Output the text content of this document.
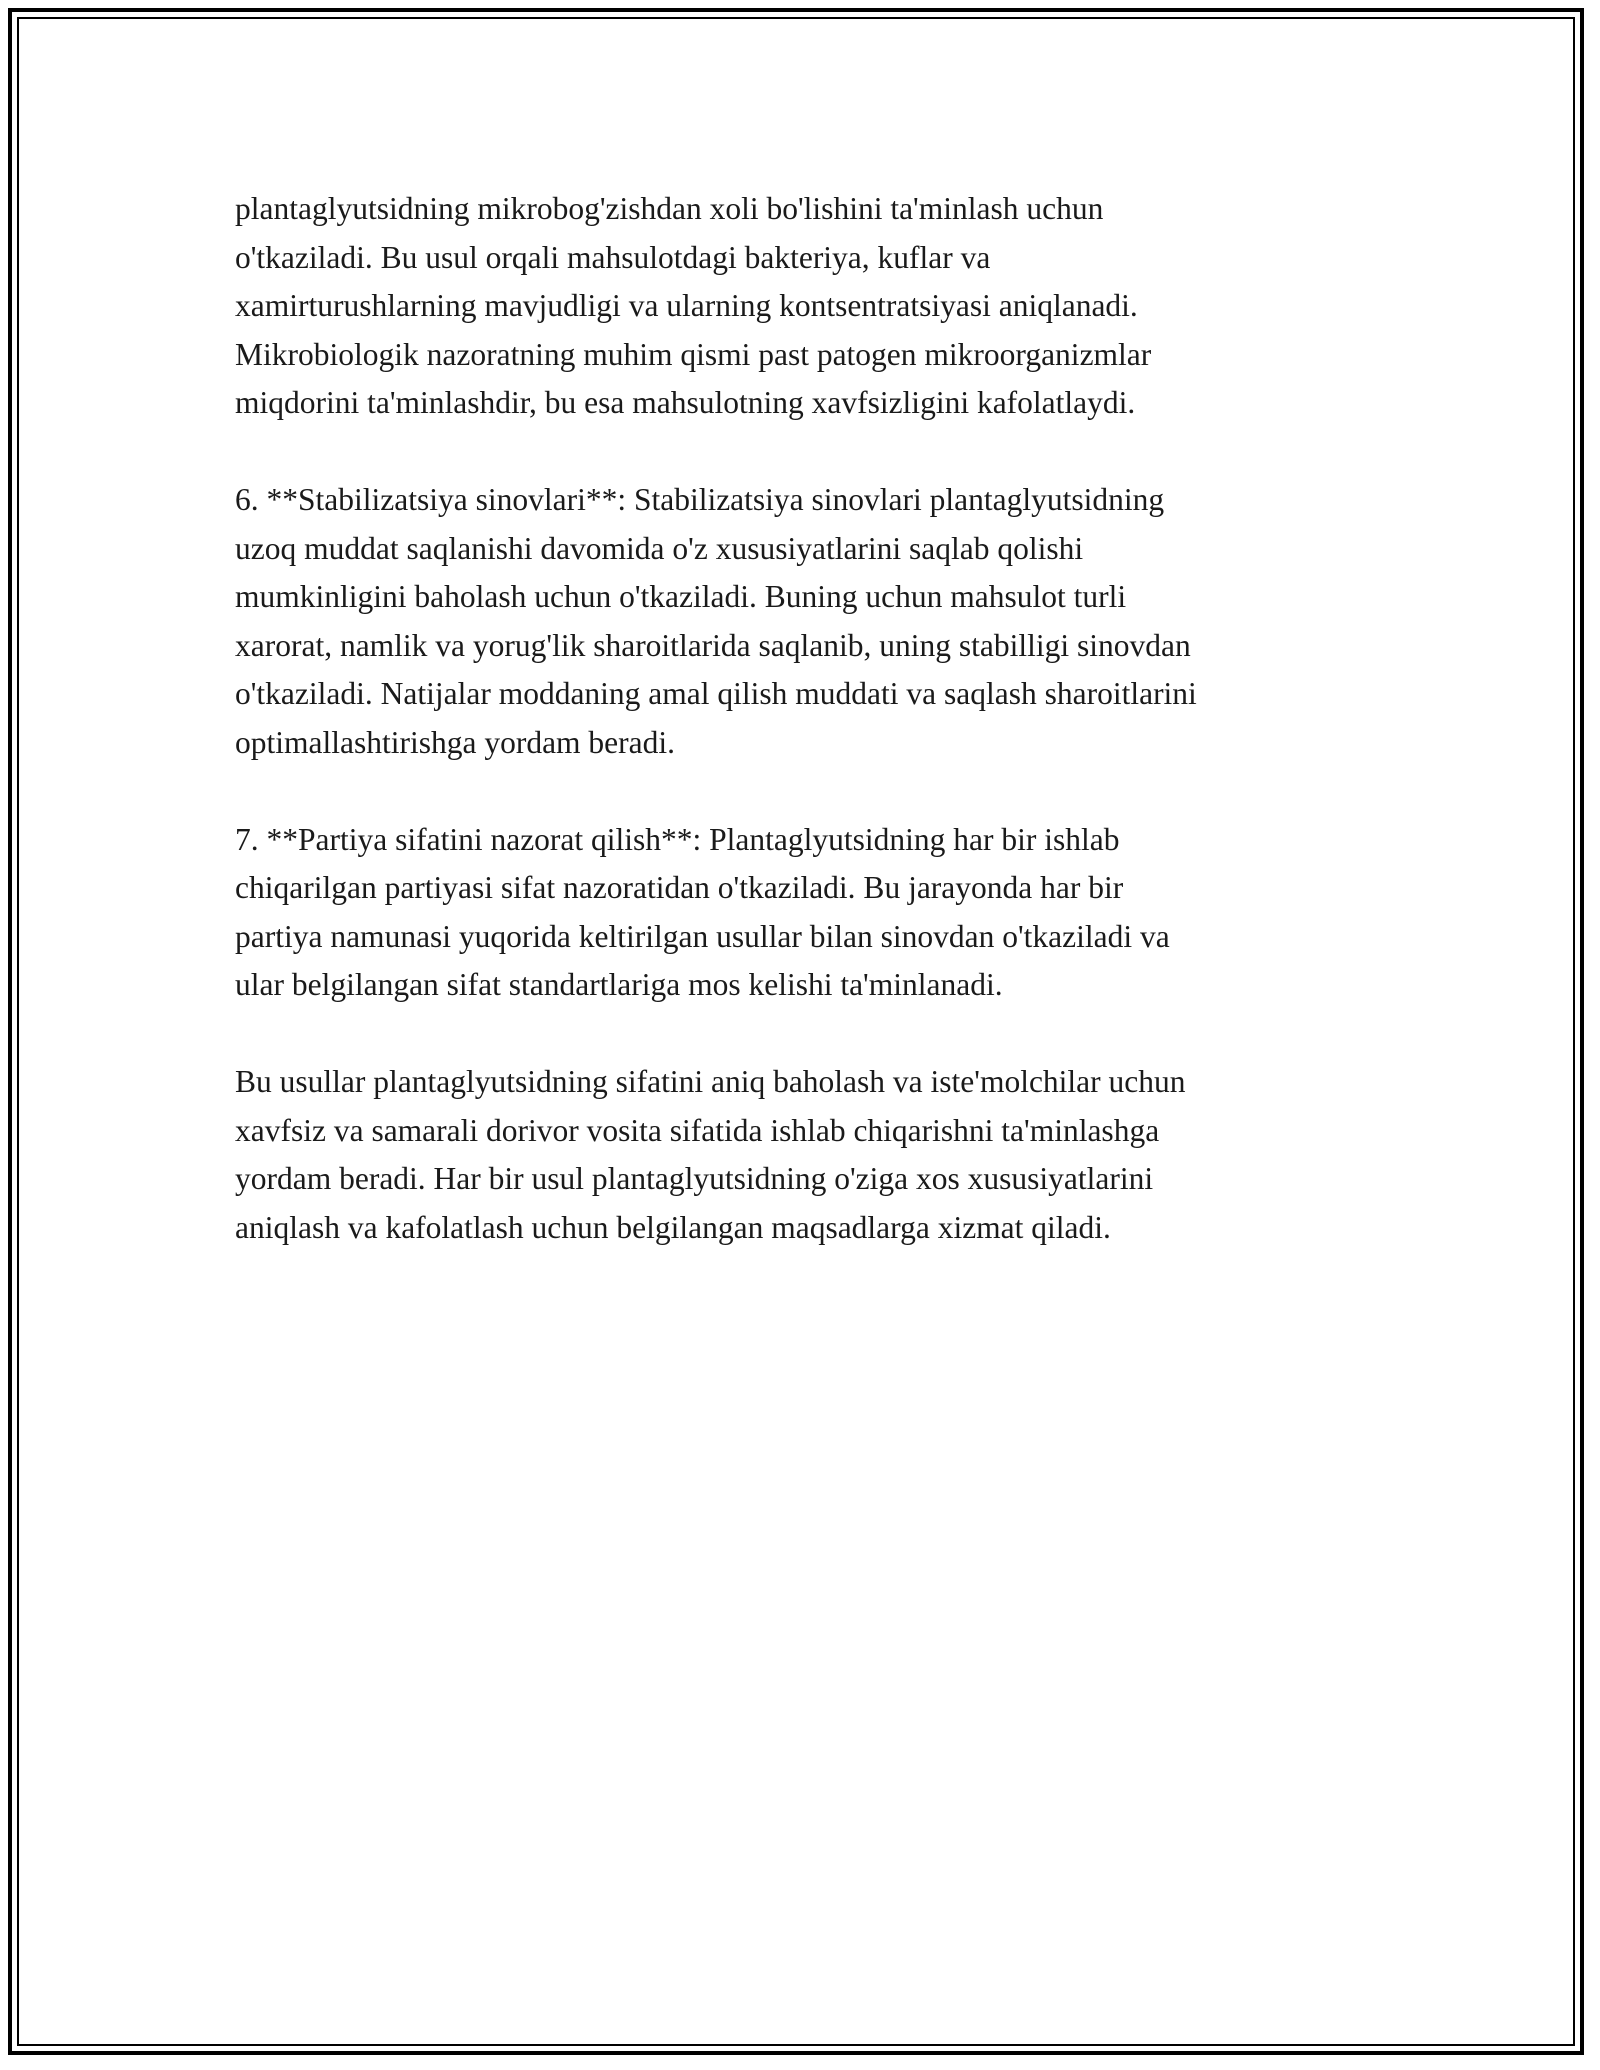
plantaglyutsidning mikrobog'zishdan xoli bo'lishini ta'minlash uchun
o'tkaziladi. Bu usul orqali mahsulotdagi bakteriya, kuflar va
xamirturushlarning mavjudligi va ularning kontsentratsiyasi aniqlanadi.
Mikrobiologik nazoratning muhim qismi past patogen mikroorganizmlar
miqdorini ta'minlashdir, bu esa mahsulotning xavfsizligini kafolatlaydi.

6. **Stabilizatsiya sinovlari**: Stabilizatsiya sinovlari plantaglyutsidning
uzoq muddat saqlanishi davomida o'z xususiyatlarini saqlab qolishi
mumkinligini baholash uchun o'tkaziladi. Buning uchun mahsulot turli
xarorat, namlik va yorug'lik sharoitlarida saqlanib, uning stabilligi sinovdan
o'tkaziladi. Natijalar moddaning amal qilish muddati va saqlash sharoitlarini
optimallashtirishga yordam beradi.

7. **Partiya sifatini nazorat qilish**: Plantaglyutsidning har bir ishlab
chiqarilgan partiyasi sifat nazoratidan o'tkaziladi. Bu jarayonda har bir
partiya namunasi yuqorida keltirilgan usullar bilan sinovdan o'tkaziladi va
ular belgilangan sifat standartlariga mos kelishi ta'minlanadi.

Bu usullar plantaglyutsidning sifatini aniq baholash va iste'molchilar uchun
xavfsiz va samarali dorivor vosita sifatida ishlab chiqarishni ta'minlashga
yordam beradi. Har bir usul plantaglyutsidning o'ziga xos xususiyatlarini
aniqlash va kafolatlash uchun belgilangan maqsadlarga xizmat qiladi.
